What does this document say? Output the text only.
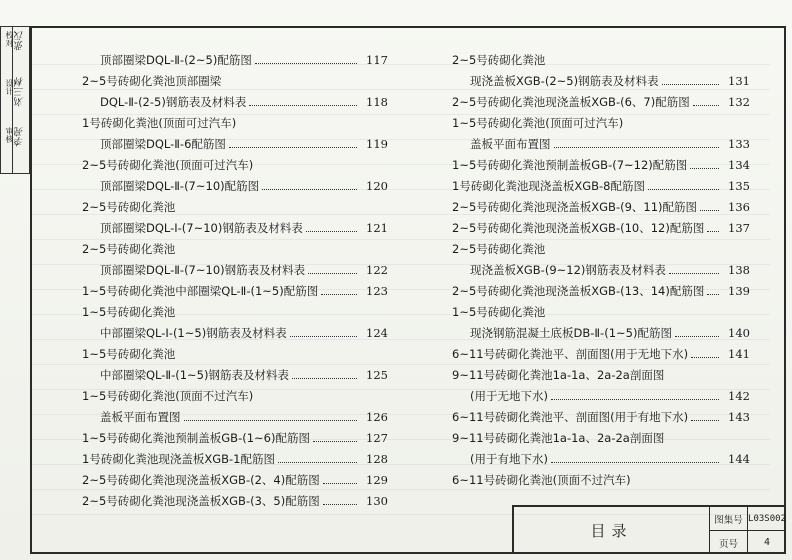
校对
设计
审核
张汉
刘三林
李亮
顶部圈梁DQL-Ⅱ-(2~5)配筋图	117
2~5号砖砌化粪池顶部圈梁
DQL-Ⅱ-(2-5)钢筋表及材料表	118
1号砖砌化粪池(顶面可过汽车)
顶部圈梁DQL-Ⅱ-6配筋图	119
2~5号砖砌化粪池(顶面可过汽车)
顶部圈梁DQL-Ⅱ-(7~10)配筋图	120
2~5号砖砌化粪池
顶部圈梁DQL-Ⅰ-(7~10)钢筋表及材料表	121
2~5号砖砌化粪池
顶部圈梁DQL-Ⅱ-(7~10)钢筋表及材料表	122
1~5号砖砌化粪池中部圈梁QL-Ⅱ-(1~5)配筋图	123
1~5号砖砌化粪池
中部圈梁QL-Ⅰ-(1~5)钢筋表及材料表	124
1~5号砖砌化粪池
中部圈梁QL-Ⅱ-(1~5)钢筋表及材料表	125
1~5号砖砌化粪池(顶面不过汽车)
盖板平面布置图	126
1~5号砖砌化粪池预制盖板GB-(1~6)配筋图	127
1号砖砌化粪池现浇盖板XGB-1配筋图	128
2~5号砖砌化粪池现浇盖板XGB-(2、4)配筋图	129
2~5号砖砌化粪池现浇盖板XGB-(3、5)配筋图	130
2~5号砖砌化粪池
现浇盖板XGB-(2~5)钢筋表及材料表	131
2~5号砖砌化粪池现浇盖板XGB-(6、7)配筋图	132
1~5号砖砌化粪池(顶面可过汽车)
盖板平面布置图	133
1~5号砖砌化粪池预制盖板GB-(7~12)配筋图	134
1号砖砌化粪池现浇盖板XGB-8配筋图	135
2~5号砖砌化粪池现浇盖板XGB-(9、11)配筋图	136
2~5号砖砌化粪池现浇盖板XGB-(10、12)配筋图	137
2~5号砖砌化粪池
现浇盖板XGB-(9~12)钢筋表及材料表	138
2~5号砖砌化粪池现浇盖板XGB-(13、14)配筋图	139
1~5号砖砌化粪池
现浇钢筋混凝土底板DB-Ⅱ-(1~5)配筋图	140
6~11号砖砌化粪池平、剖面图(用于无地下水)	141
9~11号砖砌化粪池1a-1a、2a-2a剖面图
(用于无地下水)	142
6~11号砖砌化粪池平、剖面图(用于有地下水)	143
9~11号砖砌化粪池1a-1a、2a-2a剖面图
(用于有地下水)	144
6~11号砖砌化粪池(顶面不过汽车)
目录
图集号 L03S002
页号	4
